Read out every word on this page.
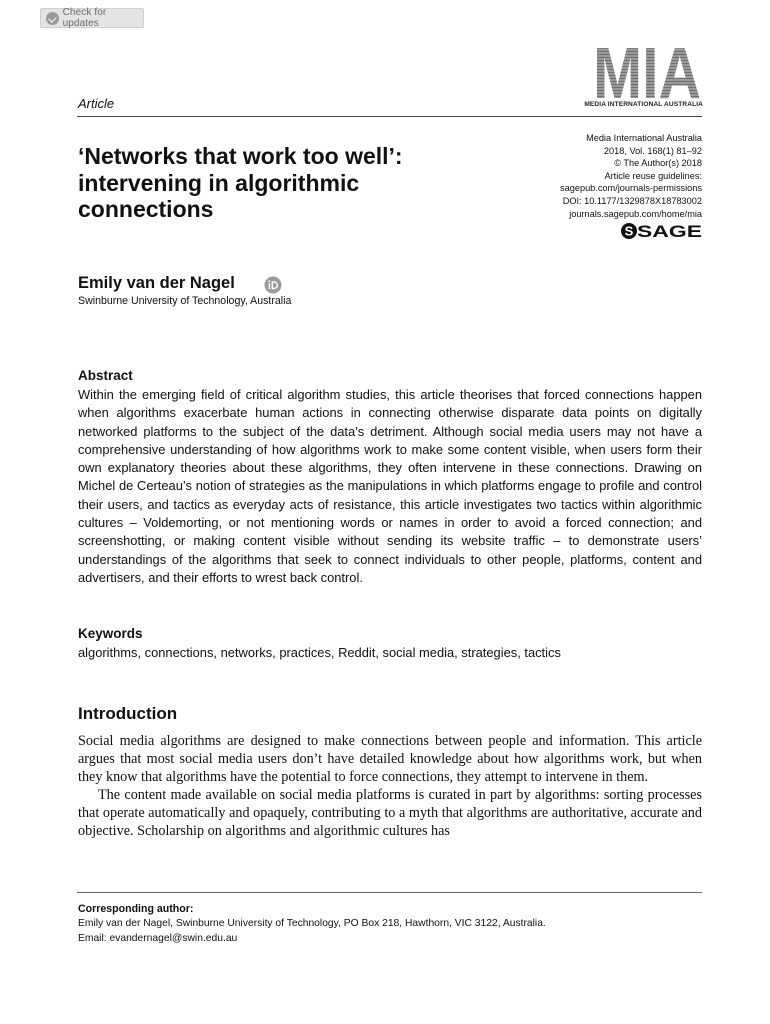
Check for updates
Article	MIA
MEDIA INTERNATIONAL AUSTRALIA
‘Networks that work too well’:
intervening in algorithmic
connections
Media International Australia
2018, Vol. 168(1) 81–92
© The Author(s) 2018
Article reuse guidelines:
sagepub.com/journals-permissions
DOI: 10.1177/1329878X18783002
journals.sagepub.com/home/mia
S SAGE
Emily van der Nagel
Swinburne University of Technology, Australia
Abstract
Within the emerging field of critical algorithm studies, this article theorises that forced connections happen when algorithms exacerbate human actions in connecting otherwise disparate data points on digitally networked platforms to the subject of the data’s detriment. Although social media users may not have a comprehensive understanding of how algorithms work to make some content visible, when users form their own explanatory theories about these algorithms, they often intervene in these connections. Drawing on Michel de Certeau’s notion of strategies as the manipulations in which platforms engage to profile and control their users, and tactics as everyday acts of resistance, this article investigates two tactics within algorithmic cultures – Voldemorting, or not mentioning words or names in order to avoid a forced connection; and screenshotting, or making content visible without sending its website traffic – to demonstrate users’ understandings of the algorithms that seek to connect individuals to other people, platforms, content and advertisers, and their efforts to wrest back control.
Keywords
algorithms, connections, networks, practices, Reddit, social media, strategies, tactics
Introduction

Social media algorithms are designed to make connections between people and information. This article argues that most social media users don’t have detailed knowledge about how algorithms work, but when they know that algorithms have the potential to force connections, they attempt to intervene in them.

The content made available on social media platforms is curated in part by algorithms: sorting processes that operate automatically and opaquely, contributing to a myth that algorithms are authoritative, accurate and objective. Scholarship on algorithms and algorithmic cultures has

Corresponding author:
Emily van der Nagel, Swinburne University of Technology, PO Box 218, Hawthorn, VIC 3122, Australia.
Email: evandernagel@swin.edu.au
